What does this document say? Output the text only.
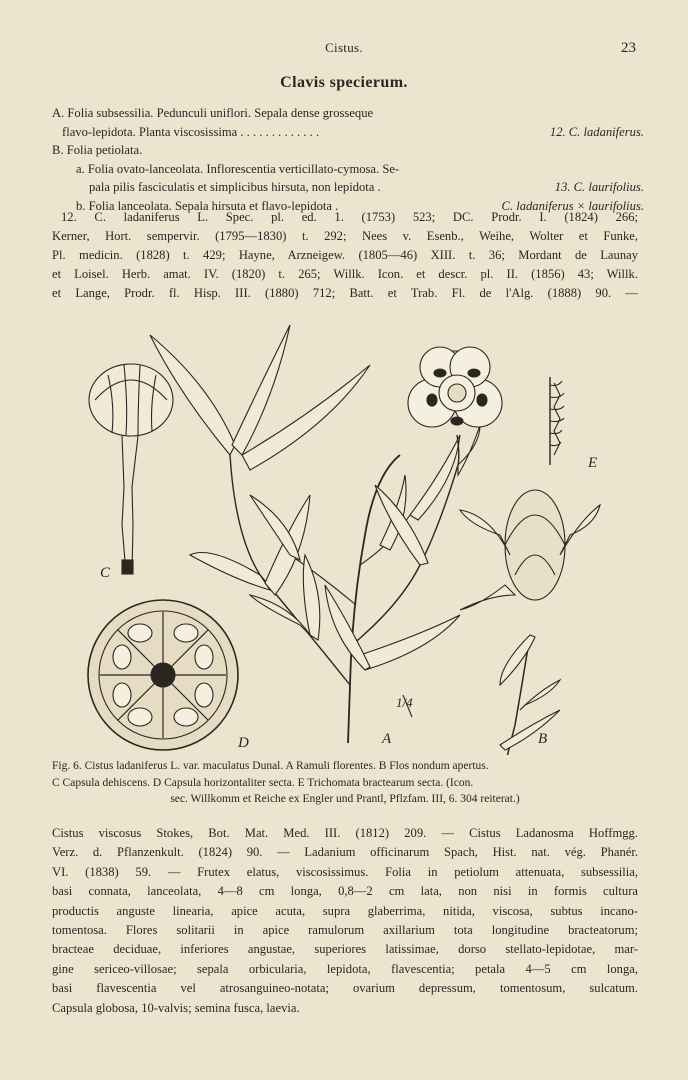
Cistus.	23
Clavis specierum.
A. Folia subsessilia. Pedunculi uniflori. Sepala dense grosseque
flavo-lepidota. Planta viscosissima . . . . . . . . . . . . .	12. C. ladaniferus.
B. Folia petiolata.
a. Folia ovato-lanceolata. Inflorescentia verticillato-cymosa. Se-
pala pilis fasciculatis et simplicibus hirsuta, non lepidota .	13. C. laurifolius.
b. Folia lanceolata. Sepala hirsuta et flavo-lepidota .	C. ladaniferus × laurifolius.
12. C. ladaniferus L. Spec. pl. ed. 1. (1753) 523; DC. Prodr. I. (1824) 266;
Kerner, Hort. sempervir. (1795—1830) t. 292; Nees v. Esenb., Weihe, Wolter et Funke,
Pl. medicin. (1828) t. 429; Hayne, Arzneigew. (1805—46) XIII. t. 36; Mordant de Launay
et Loisel. Herb. amat. IV. (1820) t. 265; Willk. Icon. et descr. pl. II. (1856) 43; Willk.
et Lange, Prodr. fl. Hisp. III. (1880) 712; Batt. et Trab. Fl. de l'Alg. (1888) 90. —
A	B
C
D
E
1/4
Fig. 6. Cistus ladaniferus L. var. maculatus Dunal. A Ramuli florentes. B Flos nondum apertus.
C Capsula dehiscens. D Capsula horizontaliter secta. E Trichomata bractearum secta. (Icon.
sec. Willkomm et Reiche ex Engler und Prantl, Pflzfam. III, 6. 304 reiterat.)
Cistus viscosus Stokes, Bot. Mat. Med. III. (1812) 209. — Cistus Ladanosma Hoffmgg.
Verz. d. Pflanzenkult. (1824) 90. — Ladanium officinarum Spach, Hist. nat. vég. Phanér.
VI. (1838) 59. — Frutex elatus, viscosissimus. Folia in petiolum attenuata, subsessilia,
basi connata, lanceolata, 4—8 cm longa, 0,8—2 cm lata, non nisi in formis cultura
productis anguste linearia, apice acuta, supra glaberrima, nitida, viscosa, subtus incano-
tomentosa. Flores solitarii in apice ramulorum axillarium tota longitudine bracteatorum;
bracteae deciduae, inferiores angustae, superiores latissimae, dorso stellato-lepidotae, mar-
gine sericeo-villosae; sepala orbicularia, lepidota, flavescentia; petala 4—5 cm longa,
basi flavescentia vel atrosanguineo-notata; ovarium depressum, tomentosum, sulcatum.
Capsula globosa, 10-valvis; semina fusca, laevia.
